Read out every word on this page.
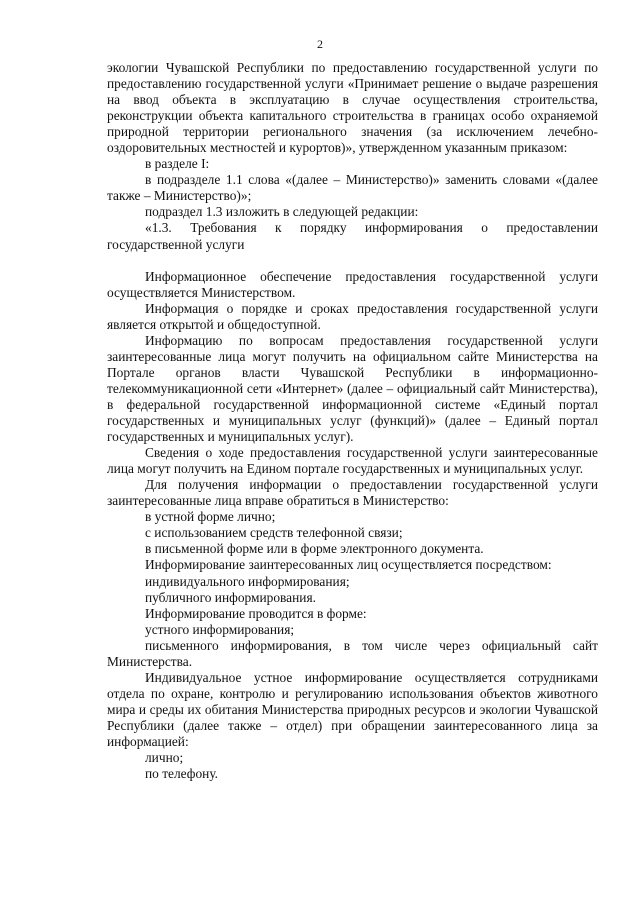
2

экологии Чувашской Республики по предоставлению государственной услуги по предоставлению государственной услуги «Принимает решение о выдаче разрешения на ввод объекта в эксплуатацию в случае осуществления строительства, реконструкции объекта капитального строительства в границах особо охраняемой природной территории регионального значения (за исключением лечебно-оздоровительных местностей и курортов)», утвержденном указанным приказом:

в разделе I:

в подразделе 1.1 слова «(далее – Министерство)» заменить словами «(далее также – Министерство)»;

подраздел 1.3 изложить в следующей редакции:

«1.3. Требования к порядку информирования о предоставлении государственной услуги

Информационное обеспечение предоставления государственной услуги осуществляется Министерством.

Информация о порядке и сроках предоставления государственной услуги является открытой и общедоступной.

Информацию по вопросам предоставления государственной услуги заинтересованные лица могут получить на официальном сайте Министерства на Портале органов власти Чувашской Республики в информационно-телекоммуникационной сети «Интернет» (далее – официальный сайт Министерства), в федеральной государственной информационной системе «Единый портал государственных и муниципальных услуг (функций)» (далее – Единый портал государственных и муниципальных услуг).

Сведения о ходе предоставления государственной услуги заинтересованные лица могут получить на Едином портале государственных и муниципальных услуг.

Для получения информации о предоставлении государственной услуги заинтересованные лица вправе обратиться в Министерство:

в устной форме лично;

с использованием средств телефонной связи;

в письменной форме или в форме электронного документа.

Информирование заинтересованных лиц осуществляется посредством:

индивидуального информирования;

публичного информирования.

Информирование проводится в форме:

устного информирования;

письменного информирования, в том числе через официальный сайт Министерства.

Индивидуальное устное информирование осуществляется сотрудниками отдела по охране, контролю и регулированию использования объектов животного мира и среды их обитания Министерства природных ресурсов и экологии Чувашской Республики (далее также – отдел) при обращении заинтересованного лица за информацией:

лично;

по телефону.
